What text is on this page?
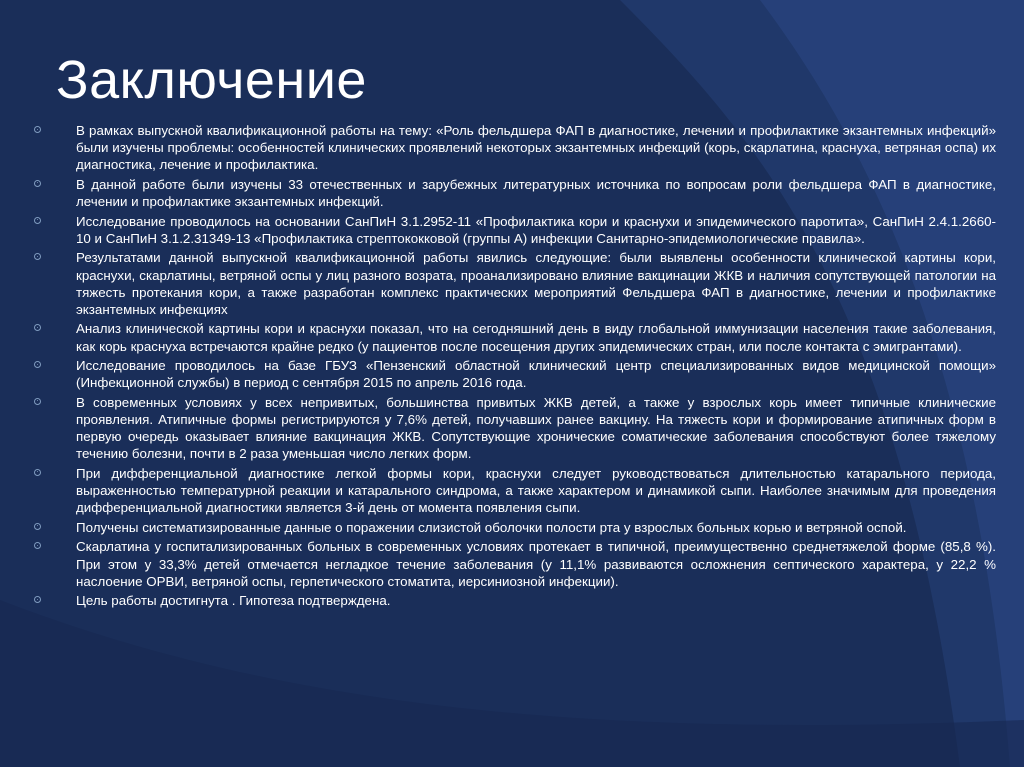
Заключение
В рамках выпускной квалификационной работы на тему: «Роль фельдшера ФАП в диагностике, лечении и профилактике экзантемных инфекций» были изучены проблемы: особенностей клинических проявлений некоторых экзантемных инфекций (корь, скарлатина, краснуха, ветряная оспа) их диагностика, лечение и профилактика.
В данной работе были изучены 33 отечественных и зарубежных литературных источника по вопросам роли фельдшера ФАП в диагностике, лечении и профилактике экзантемных инфекций.
Исследование проводилось на основании СанПиН 3.1.2952-11 «Профилактика кори и краснухи и эпидемического паротита», СанПиН 2.4.1.2660-10 и СанПиН 3.1.2.31349-13 «Профилактика стрептококковой (группы А) инфекции Санитарно-эпидемиологические правила».
Результатами данной выпускной квалификационной работы явились следующие: были выявлены особенности клинической картины кори, краснухи, скарлатины, ветряной оспы у лиц разного возрата, проанализировано влияние вакцинации ЖКВ и наличия сопутствующей патологии на тяжесть протекания кори, а также разработан комплекс практических мероприятий Фельдшера ФАП в диагностике, лечении и профилактике экзантемных инфекциях
Анализ клинической картины кори и краснухи показал, что на сегодняшний день в виду глобальной иммунизации населения такие заболевания, как корь краснуха встречаются крайне редко (у пациентов после посещения других эпидемических стран, или после контакта с эмигрантами).
Исследование проводилось на базе ГБУЗ «Пензенский областной клинический центр специализированных видов медицинской помощи» (Инфекционной службы) в период с сентября 2015 по апрель 2016 года.
В современных условиях у всех непривитых, большинства привитых ЖКВ детей, а также у взрослых корь имеет типичные клинические проявления. Атипичные формы регистрируются у 7,6% детей, получавших ранее вакцину. На тяжесть кори и формирование атипичных форм в первую очередь оказывает влияние вакцинация ЖКВ. Сопутствующие хронические соматические заболевания способствуют более тяжелому течению болезни, почти в 2 раза уменьшая число легких форм.
При дифференциальной диагностике легкой формы кори, краснухи следует руководствоваться длительностью катарального периода, выраженностью температурной реакции и катарального синдрома, а также характером и динамикой сыпи. Наиболее значимым для проведения дифференциальной диагностики является 3-й день от момента появления сыпи.
Получены систематизированные данные о поражении слизистой оболочки полости рта у взрослых больных корью и ветряной оспой.
Скарлатина у госпитализированных больных в современных условиях протекает в типичной, преимущественно среднетяжелой форме (85,8 %). При этом у 33,3% детей отмечается негладкое течение заболевания (у 11,1% развиваются осложнения септического характера, у 22,2 % наслоение ОРВИ, ветряной оспы, герпетического стоматита, иерсиниозной инфекции).
Цель работы достигнута . Гипотеза подтверждена.
